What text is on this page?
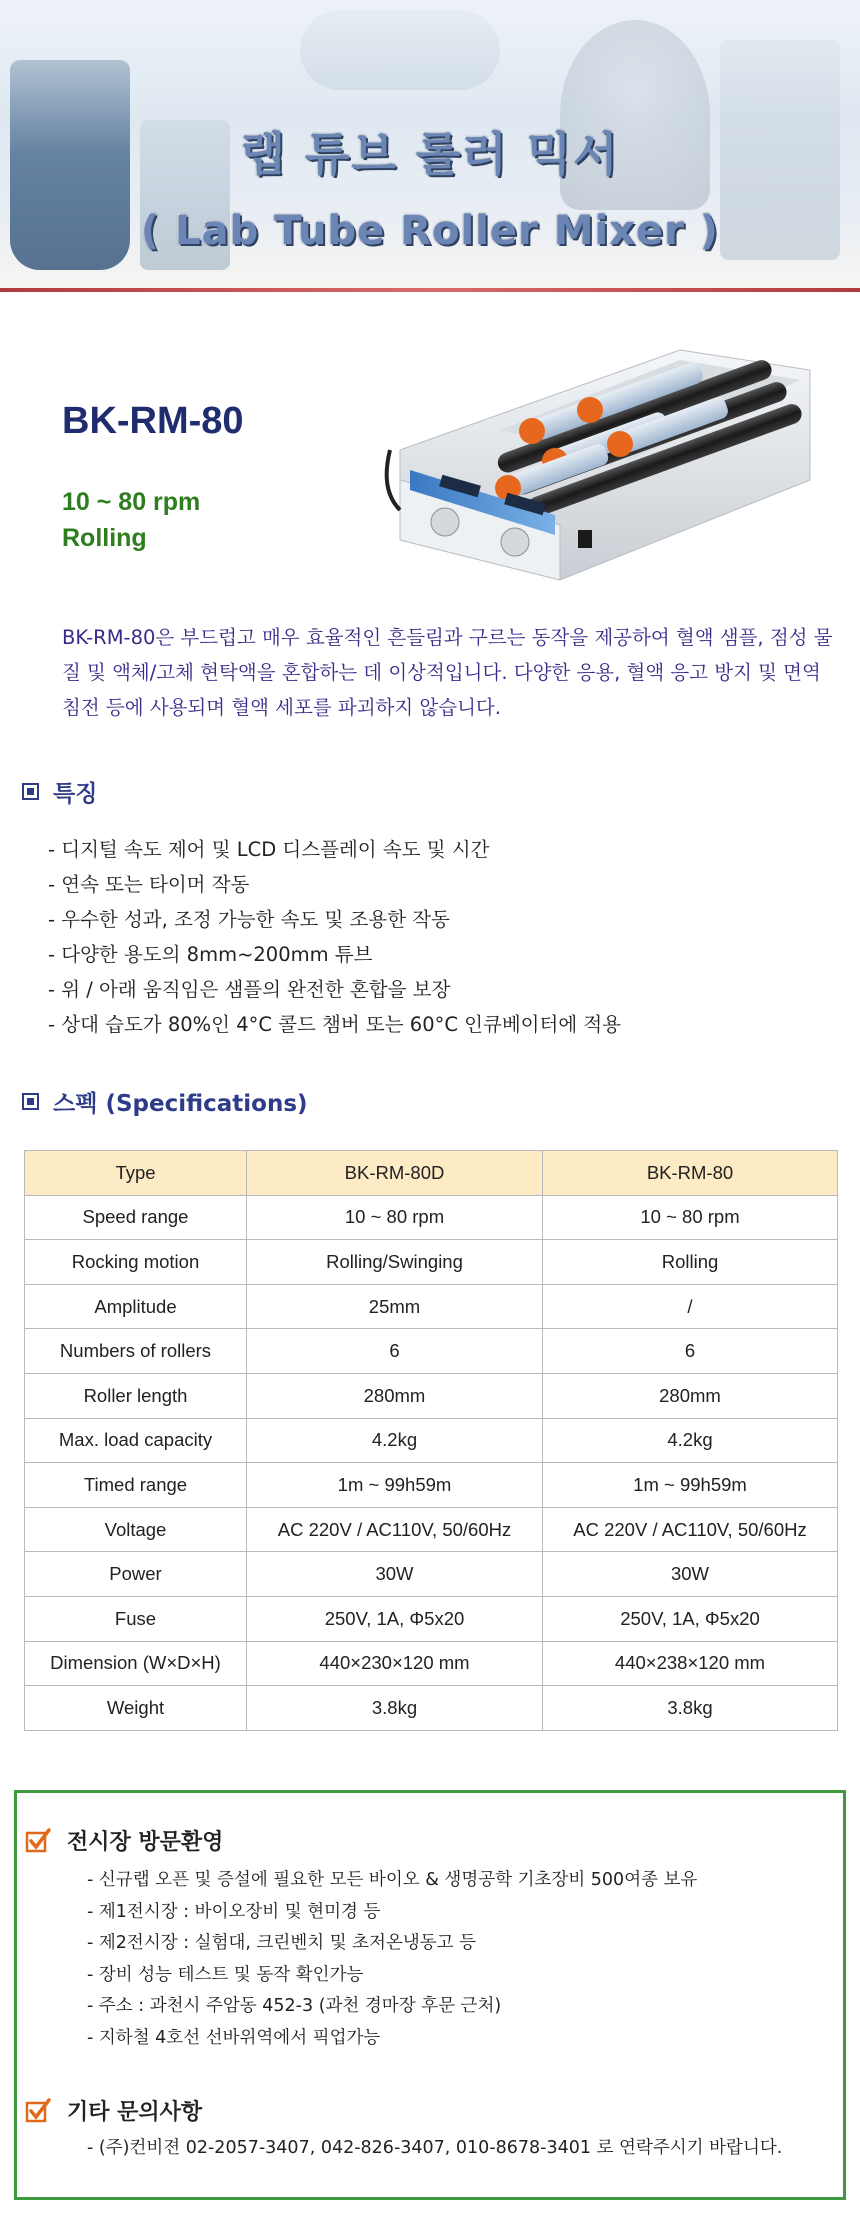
랩 튜브 롤러 믹서
( Lab Tube Roller Mixer )
BK-RM-80
10 ~ 80 rpm
Rolling
BK-RM-80은 부드럽고 매우 효율적인 흔들림과 구르는 동작을 제공하여 혈액 샘플, 점성 물질 및 액체/고체 현탁액을 혼합하는 데 이상적입니다. 다양한 응용, 혈액 응고 방지 및 면역 침전 등에 사용되며 혈액 세포를 파괴하지 않습니다.
특징
- 디지털 속도 제어 및 LCD 디스플레이 속도 및 시간
- 연속 또는 타이머 작동
- 우수한 성과, 조정 가능한 속도 및 조용한 작동
- 다양한 용도의 8mm~200mm 튜브
- 위 / 아래 움직임은 샘플의 완전한 혼합을 보장
- 상대 습도가 80%인 4°C 콜드 챔버 또는 60°C 인큐베이터에 적용
스펙 (Specifications)
Type	BK-RM-80D	BK-RM-80
Speed range	10 ~ 80 rpm	10 ~ 80 rpm
Rocking motion	Rolling/Swinging	Rolling
Amplitude	25mm	/
Numbers of rollers	6	6
Roller length	280mm	280mm
Max. load capacity	4.2kg	4.2kg
Timed range	1m ~ 99h59m	1m ~ 99h59m
Voltage	AC 220V / AC110V, 50/60Hz	AC 220V / AC110V, 50/60Hz
Power	30W	30W
Fuse	250V, 1A, Φ5x20	250V, 1A, Φ5x20
Dimension (W×D×H)	440×230×120 mm	440×238×120 mm
Weight	3.8kg	3.8kg
전시장 방문환영
- 신규랩 오픈 및 증설에 필요한 모든 바이오 & 생명공학 기초장비 500여종 보유
- 제1전시장 : 바이오장비 및 현미경 등
- 제2전시장 : 실험대, 크린벤치 및 초저온냉동고 등
- 장비 성능 테스트 및 동작 확인가능
- 주소 : 과천시 주암동 452-3 (과천 경마장 후문 근처)
- 지하철 4호선 선바위역에서 픽업가능
기타 문의사항
- (주)컨비젼 02-2057-3407, 042-826-3407, 010-8678-3401 로 연락주시기 바랍니다.
